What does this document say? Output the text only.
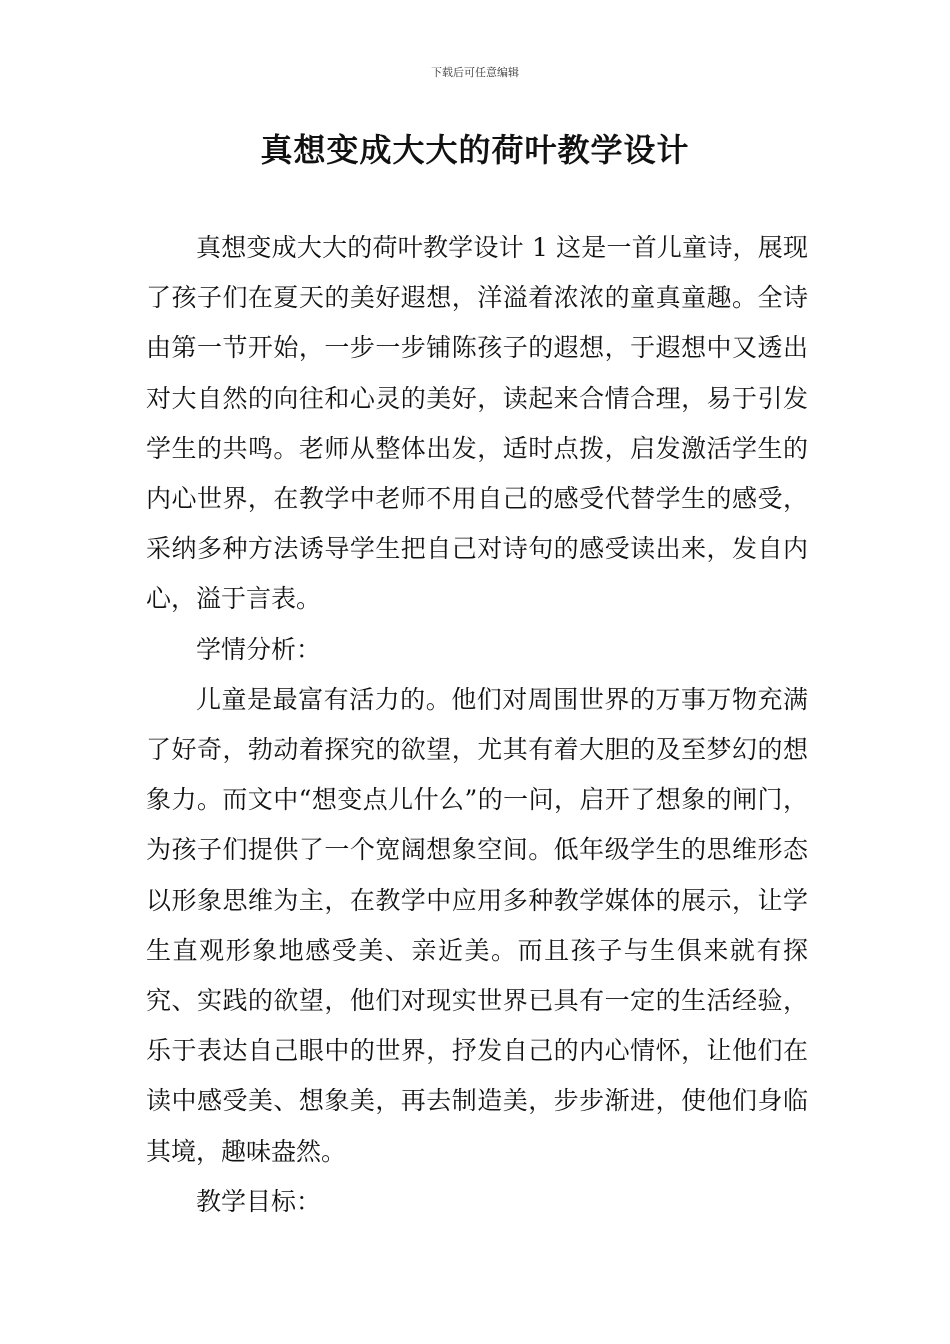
下载后可任意编辑
真想变成大大的荷叶教学设计

真想变成大大的荷叶教学设计 1 这是一首儿童诗，展现了孩子们在夏天的美好遐想，洋溢着浓浓的童真童趣。全诗由第一节开始，一步一步铺陈孩子的遐想，于遐想中又透出对大自然的向往和心灵的美好，读起来合情合理，易于引发学生的共鸣。老师从整体出发，适时点拨，启发激活学生的内心世界，在教学中老师不用自己的感受代替学生的感受，采纳多种方法诱导学生把自己对诗句的感受读出来，发自内心，溢于言表。

学情分析：

儿童是最富有活力的。他们对周围世界的万事万物充满了好奇，勃动着探究的欲望，尤其有着大胆的及至梦幻的想象力。而文中“想变点儿什么”的一问，启开了想象的闸门，为孩子们提供了一个宽阔想象空间。低年级学生的思维形态以形象思维为主，在教学中应用多种教学媒体的展示，让学生直观形象地感受美、亲近美。而且孩子与生俱来就有探究、实践的欲望，他们对现实世界已具有一定的生活经验，乐于表达自己眼中的世界，抒发自己的内心情怀，让他们在读中感受美、想象美，再去制造美，步步渐进，使他们身临其境，趣味盎然。

教学目标：
